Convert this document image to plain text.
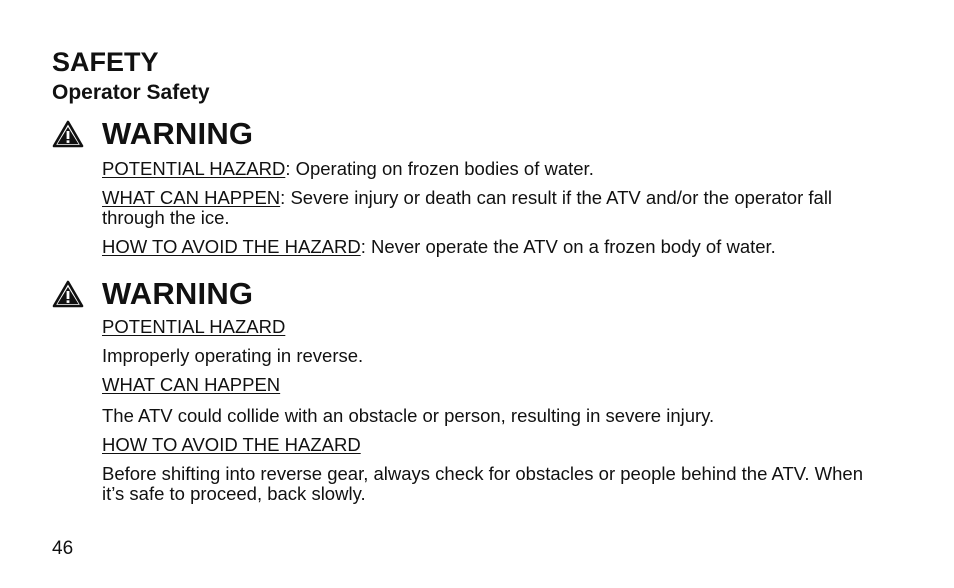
SAFETY
Operator Safety
WARNING

POTENTIAL HAZARD: Operating on frozen bodies of water.

WHAT CAN HAPPEN: Severe injury or death can result if the ATV and/or the operator fall through the ice.

HOW TO AVOID THE HAZARD: Never operate the ATV on a frozen body of water.

WARNING

POTENTIAL HAZARD

Improperly operating in reverse.

WHAT CAN HAPPEN

The ATV could collide with an obstacle or person, resulting in severe injury.

HOW TO AVOID THE HAZARD

Before shifting into reverse gear, always check for obstacles or people behind the ATV. When it’s safe to proceed, back slowly.

46
